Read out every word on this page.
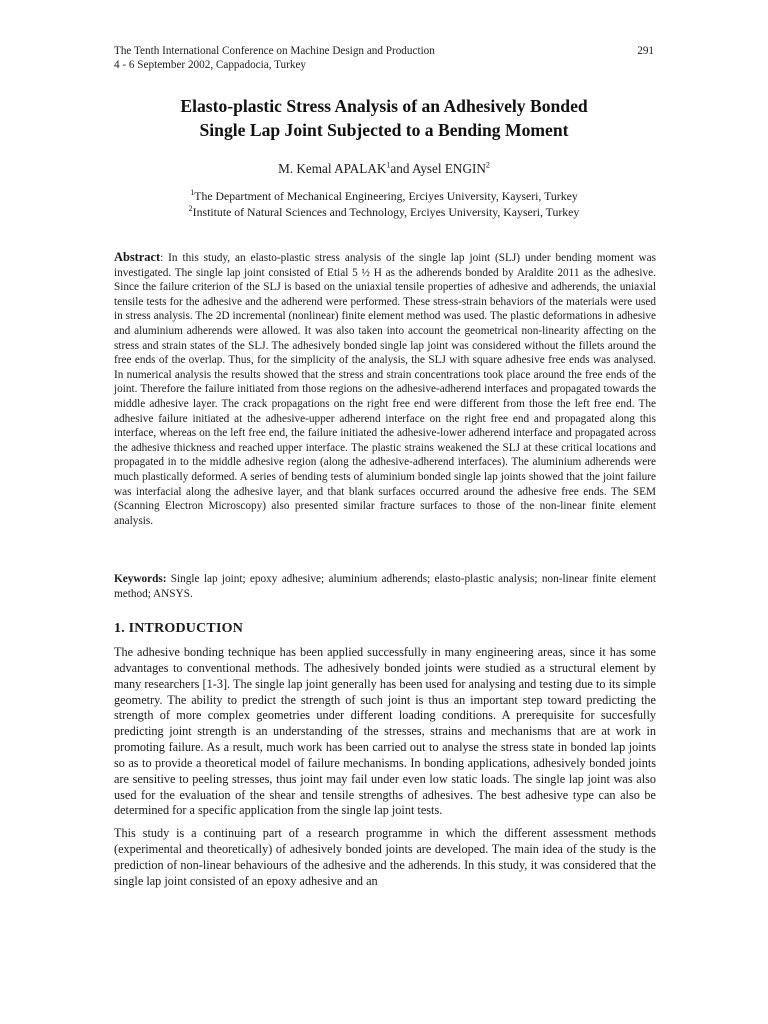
The Tenth International Conference on Machine Design and Production	291
4 - 6 September 2002, Cappadocia, Turkey
Elasto-plastic Stress Analysis of an Adhesively Bonded
Single Lap Joint Subjected to a Bending Moment
M. Kemal APALAK$^1$and Aysel ENGIN$^2$
$^1$The Department of Mechanical Engineering, Erciyes University, Kayseri, Turkey
$^2$Institute of Natural Sciences and Technology, Erciyes University, Kayseri, Turkey
Abstract: In this study, an elasto-plastic stress analysis of the single lap joint (SLJ) under bending moment was investigated. The single lap joint consisted of Etial 5 ½ H as the adherends bonded by Araldite 2011 as the adhesive. Since the failure criterion of the SLJ is based on the uniaxial tensile properties of adhesive and adherends, the uniaxial tensile tests for the adhesive and the adherend were performed. These stress-strain behaviors of the materials were used in stress analysis. The 2D incremental (nonlinear) finite element method was used. The plastic deformations in adhesive and aluminium adherends were allowed. It was also taken into account the geometrical non-linearity affecting on the stress and strain states of the SLJ. The adhesively bonded single lap joint was considered without the fillets around the free ends of the overlap. Thus, for the simplicity of the analysis, the SLJ with square adhesive free ends was analysed. In numerical analysis the results showed that the stress and strain concentrations took place around the free ends of the joint. Therefore the failure initiated from those regions on the adhesive-adherend interfaces and propagated towards the middle adhesive layer. The crack propagations on the right free end were different from those the left free end. The adhesive failure initiated at the adhesive-upper adherend interface on the right free end and propagated along this interface, whereas on the left free end, the failure initiated the adhesive-lower adherend interface and propagated across the adhesive thickness and reached upper interface. The plastic strains weakened the SLJ at these critical locations and propagated in to the middle adhesive region (along the adhesive-adherend interfaces). The aluminium adherends were much plastically deformed. A series of bending tests of aluminium bonded single lap joints showed that the joint failure was interfacial along the adhesive layer, and that blank surfaces occurred around the adhesive free ends. The SEM (Scanning Electron Microscopy) also presented similar fracture surfaces to those of the non-linear finite element analysis.
Keywords: Single lap joint; epoxy adhesive; aluminium adherends; elasto-plastic analysis; non-linear finite element method; ANSYS.
1. INTRODUCTION

The adhesive bonding technique has been applied successfully in many engineering areas, since it has some advantages to conventional methods. The adhesively bonded joints were studied as a structural element by many researchers [1-3]. The single lap joint generally has been used for analysing and testing due to its simple geometry. The ability to predict the strength of such joint is thus an important step toward predicting the strength of more complex geometries under different loading conditions. A prerequisite for succesfully predicting joint strength is an understanding of the stresses, strains and mechanisms that are at work in promoting failure. As a result, much work has been carried out to analyse the stress state in bonded lap joints so as to provide a theoretical model of failure mechanisms. In bonding applications, adhesively bonded joints are sensitive to peeling stresses, thus joint may fail under even low static loads. The single lap joint was also used for the evaluation of the shear and tensile strengths of adhesives. The best adhesive type can also be determined for a specific application from the single lap joint tests.

This study is a continuing part of a research programme in which the different assessment methods (experimental and theoretically) of adhesively bonded joints are developed. The main idea of the study is the prediction of non-linear behaviours of the adhesive and the adherends. In this study, it was considered that the single lap joint consisted of an epoxy adhesive and an
